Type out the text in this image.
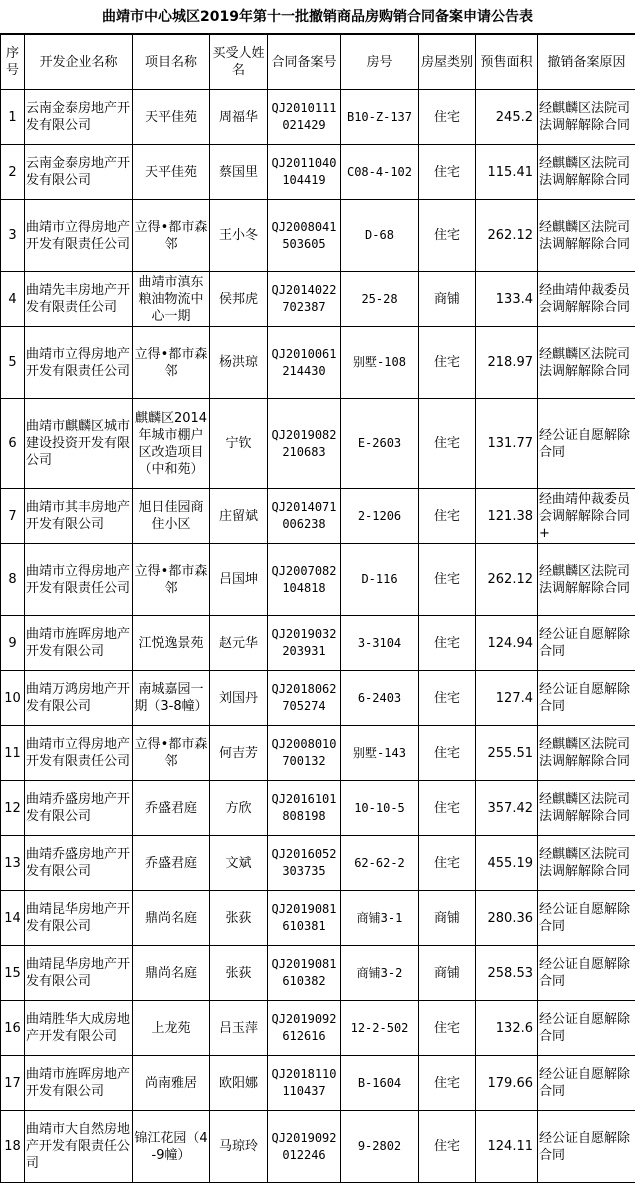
曲靖市中心城区2019年第十一批撤销商品房购销合同备案申请公告表
序号	开发企业名称	项目名称	买受人姓名	合同备案号	房号	房屋类别	预售面积	撤销备案原因
1	云南金泰房地产开发有限公司	天平佳苑	周福华	QJ2010111021429	B10-Z-137	住宅	245.2	经麒麟区法院司法调解解除合同
2	云南金泰房地产开发有限公司	天平佳苑	蔡国里	QJ2011040104419	C08-4-102	住宅	115.41	经麒麟区法院司法调解解除合同
3	曲靖市立得房地产开发有限责任公司	立得•都市森邻	王小冬	QJ2008041503605	D-68	住宅	262.12	经麒麟区法院司法调解解除合同
4	曲靖先丰房地产开发有限责任公司	曲靖市滇东粮油物流中心一期	侯邦虎	QJ2014022702387	25-28	商铺	133.4	经曲靖仲裁委员会调解解除合同
5	曲靖市立得房地产开发有限责任公司	立得•都市森邻	杨洪琼	QJ2010061214430	别墅-108	住宅	218.97	经麒麟区法院司法调解解除合同
6	曲靖市麒麟区城市建设投资开发有限公司	麒麟区2014年城市棚户区改造项目（中和苑）	宁钦	QJ2019082210683	E-2603	住宅	131.77	经公证自愿解除合同
7	曲靖市其丰房地产开发有限公司	旭日佳园商住小区	庄留斌	QJ2014071006238	2-1206	住宅	121.38	经曲靖仲裁委员会调解解除合同+
8	曲靖市立得房地产开发有限责任公司	立得•都市森邻	吕国坤	QJ2007082104818	D-116	住宅	262.12	经麒麟区法院司法调解解除合同
9	曲靖市旌晖房地产开发有限公司	江悦逸景苑	赵元华	QJ2019032203931	3-3104	住宅	124.94	经公证自愿解除合同
10	曲靖万鸿房地产开发有限公司	南城嘉园一期（3-8幢）	刘国丹	QJ2018062705274	6-2403	住宅	127.4	经公证自愿解除合同
11	曲靖市立得房地产开发有限责任公司	立得•都市森邻	何吉芳	QJ2008010700132	别墅-143	住宅	255.51	经麒麟区法院司法调解解除合同
12	曲靖乔盛房地产开发有限公司	乔盛君庭	方欣	QJ2016101808198	10-10-5	住宅	357.42	经麒麟区法院司法调解解除合同
13	曲靖乔盛房地产开发有限公司	乔盛君庭	文斌	QJ2016052303735	62-62-2	住宅	455.19	经麒麟区法院司法调解解除合同
14	曲靖昆华房地产开发有限公司	鼎尚名庭	张荻	QJ2019081610381	商铺3-1	商铺	280.36	经公证自愿解除合同
15	曲靖昆华房地产开发有限公司	鼎尚名庭	张荻	QJ2019081610382	商铺3-2	商铺	258.53	经公证自愿解除合同
16	曲靖胜华大成房地产开发有限公司	上龙苑	吕玉萍	QJ2019092612616	12-2-502	住宅	132.6	经公证自愿解除合同
17	曲靖市旌晖房地产开发有限公司	尚南雅居	欧阳娜	QJ2018110110437	B-1604	住宅	179.66	经公证自愿解除合同
18	曲靖市大自然房地产开发有限责任公司	锦江花园（4-9幢）	马琼玲	QJ2019092012246	9-2802	住宅	124.11	经公证自愿解除合同
